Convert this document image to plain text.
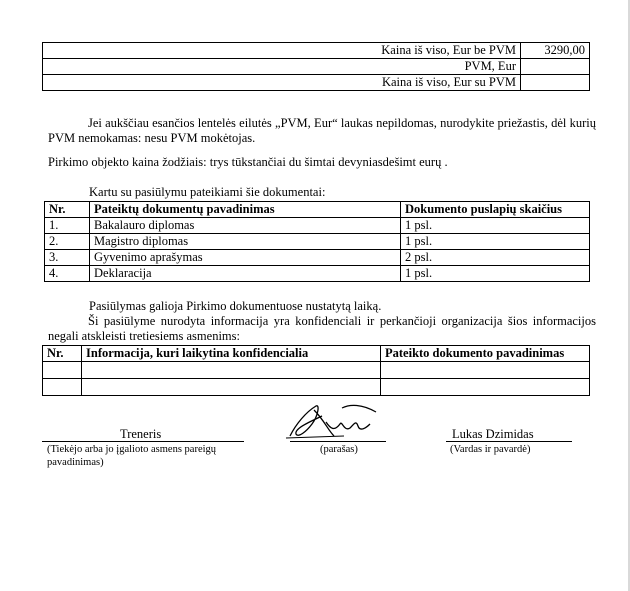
Kaina iš viso, Eur be PVM	3290,00
PVM, Eur	
Kaina iš viso, Eur su PVM	
Jei aukščiau esančios lentelės eilutės „PVM, Eur“ laukas nepildomas, nurodykite priežastis, dėl kurių PVM nemokamas: nesu PVM mokėtojas.
Pirkimo objekto kaina žodžiais: trys tūkstančiai du šimtai devyniasdešimt eurų .
Kartu su pasiūlymu pateikiami šie dokumentai:
Nr.	Pateiktų dokumentų pavadinimas	Dokumento puslapių skaičius
1.	Bakalauro diplomas	1 psl.
2.	Magistro diplomas	1 psl.
3.	Gyvenimo aprašymas	2 psl.
4.	Deklaracija	1 psl.
Pasiūlymas galioja Pirkimo dokumentuose nustatytą laiką.
Ši pasiūlyme nurodyta informacija yra konfidenciali ir perkančioji organizacija šios informacijos negali atskleisti tretiesiems asmenims:
Nr.	Informacija, kuri laikytina konfidencialia	Pateikto dokumento pavadinimas

Treneris
(Tiekėjo arba jo įgalioto asmens pareigų pavadinimas)
(parašas)
Lukas Dzimidas
(Vardas ir pavardė)
